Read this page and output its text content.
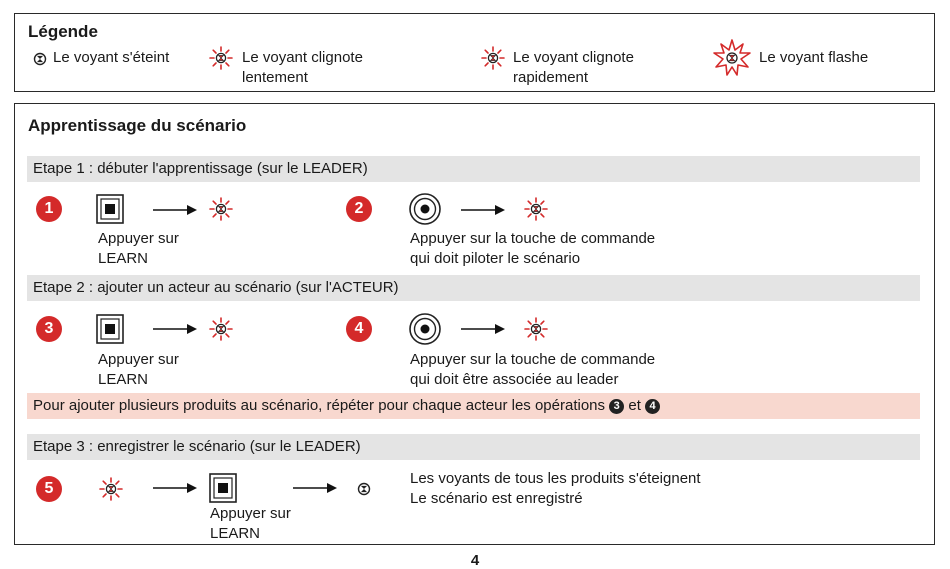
Légende
Le voyant s'éteint	Le voyant clignote
lentement
Le voyant clignote
rapidement
Le voyant flashe
Apprentissage du scénario
Etape 1 : débuter l'apprentissage (sur le LEADER)
1
Appuyer sur
LEARN
2
Appuyer sur la touche de commande
qui doit piloter le scénario
Etape 2 : ajouter un acteur au scénario (sur l'ACTEUR)
3
Appuyer sur
LEARN
4
Appuyer sur la touche de commande
qui doit être associée au leader
Pour ajouter plusieurs produits au scénario, répéter pour chaque acteur les opérations 3 et 4
Etape 3 : enregistrer le scénario (sur le LEADER)
5
Appuyer sur
LEARN
Les voyants de tous les produits s'éteignent
Le scénario est enregistré
4
